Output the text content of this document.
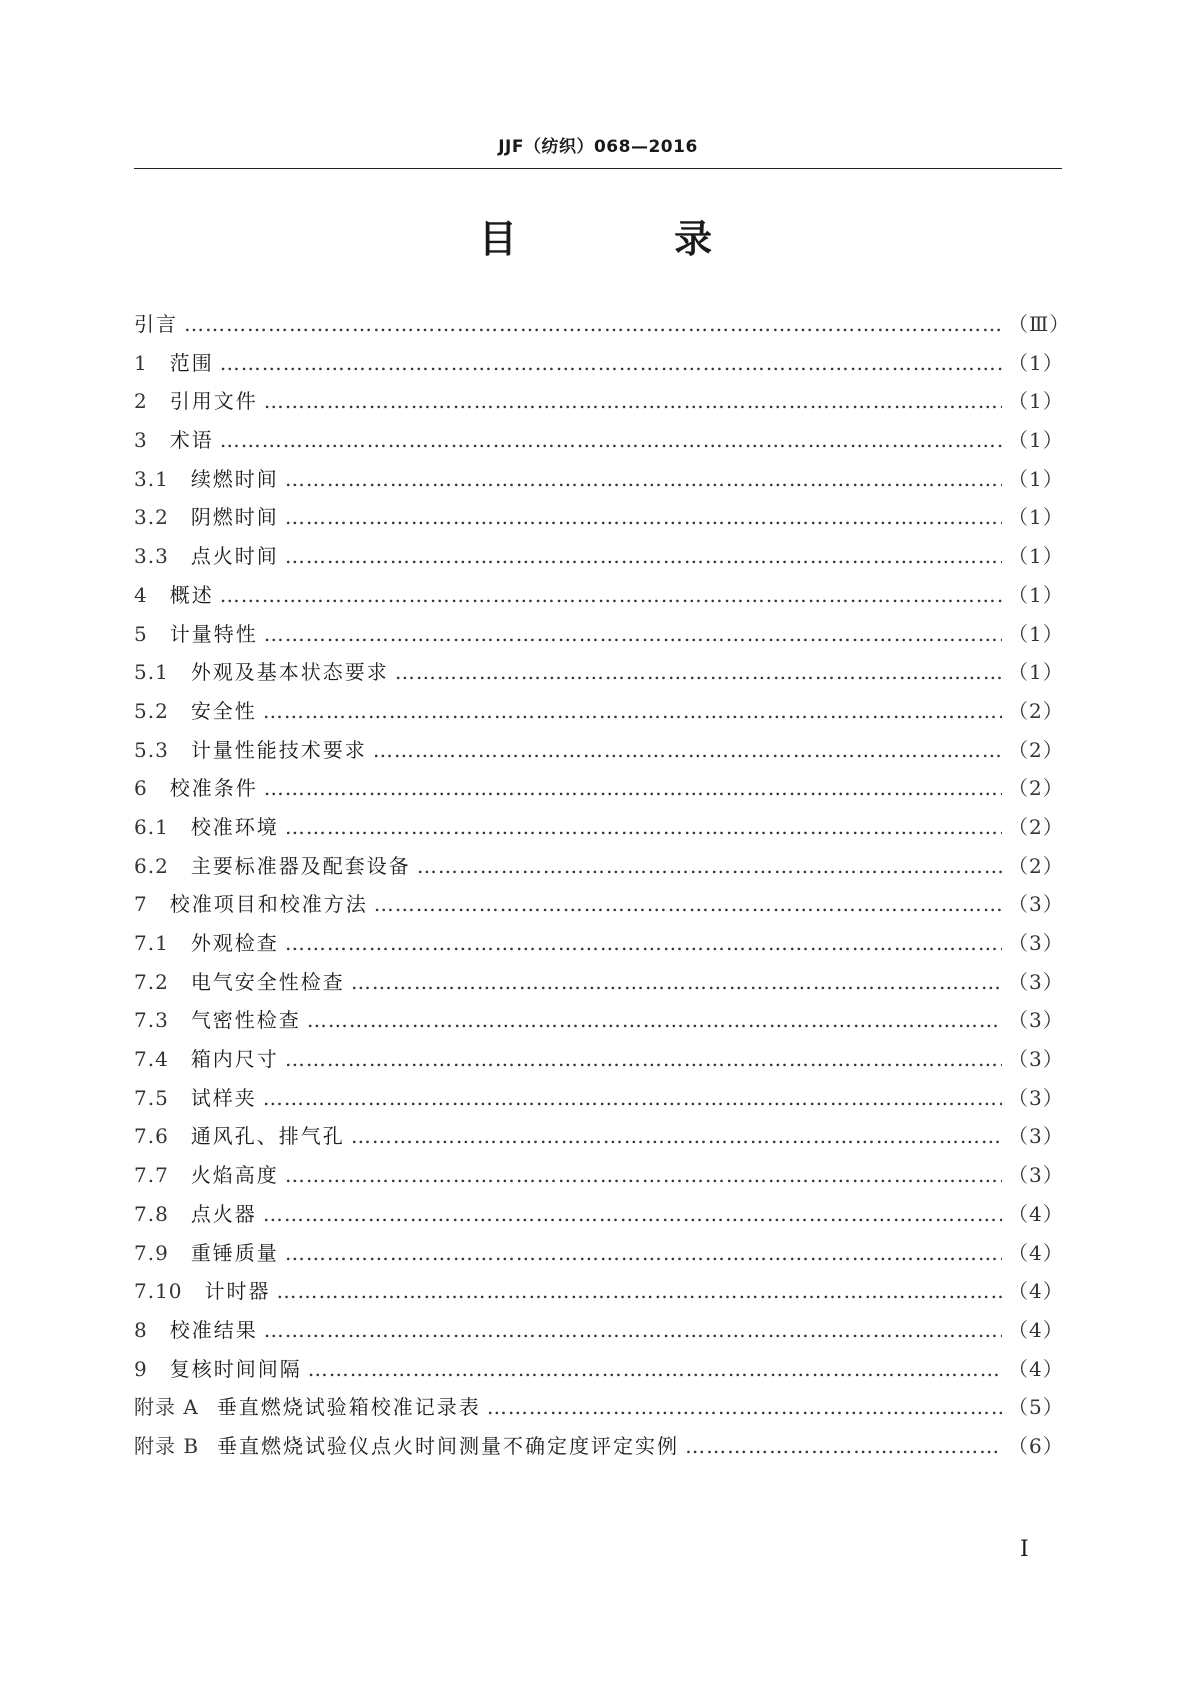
JJF（纺织）068—2016
目 录
引言 …………………………………………………………………………………………………………………………………………………………………………………………………………………………	（Ⅲ）
1 范围 …………………………………………………………………………………………………………………………………………………………………………………………………………………………	（1）
2 引用文件 …………………………………………………………………………………………………………………………………………………………………………………………………………………………	（1）
3 术语 …………………………………………………………………………………………………………………………………………………………………………………………………………………………	（1）
3.1 续燃时间 …………………………………………………………………………………………………………………………………………………………………………………………………………………………	（1）
3.2 阴燃时间 …………………………………………………………………………………………………………………………………………………………………………………………………………………………	（1）
3.3 点火时间 …………………………………………………………………………………………………………………………………………………………………………………………………………………………	（1）
4 概述 …………………………………………………………………………………………………………………………………………………………………………………………………………………………	（1）
5 计量特性 …………………………………………………………………………………………………………………………………………………………………………………………………………………………	（1）
5.1 外观及基本状态要求 …………………………………………………………………………………………………………………………………………………………………………………………………………………………	（1）
5.2 安全性 …………………………………………………………………………………………………………………………………………………………………………………………………………………………	（2）
5.3 计量性能技术要求 …………………………………………………………………………………………………………………………………………………………………………………………………………………………	（2）
6 校准条件 …………………………………………………………………………………………………………………………………………………………………………………………………………………………	（2）
6.1 校准环境 …………………………………………………………………………………………………………………………………………………………………………………………………………………………	（2）
6.2 主要标准器及配套设备 …………………………………………………………………………………………………………………………………………………………………………………………………………………………	（2）
7 校准项目和校准方法 …………………………………………………………………………………………………………………………………………………………………………………………………………………………	（3）
7.1 外观检查 …………………………………………………………………………………………………………………………………………………………………………………………………………………………	（3）
7.2 电气安全性检查 …………………………………………………………………………………………………………………………………………………………………………………………………………………………	（3）
7.3 气密性检查 …………………………………………………………………………………………………………………………………………………………………………………………………………………………	（3）
7.4 箱内尺寸 …………………………………………………………………………………………………………………………………………………………………………………………………………………………	（3）
7.5 试样夹 …………………………………………………………………………………………………………………………………………………………………………………………………………………………	（3）
7.6 通风孔、排气孔 …………………………………………………………………………………………………………………………………………………………………………………………………………………………	（3）
7.7 火焰高度 …………………………………………………………………………………………………………………………………………………………………………………………………………………………	（3）
7.8 点火器 …………………………………………………………………………………………………………………………………………………………………………………………………………………………	（4）
7.9 重锤质量 …………………………………………………………………………………………………………………………………………………………………………………………………………………………	（4）
7.10 计时器 …………………………………………………………………………………………………………………………………………………………………………………………………………………………	（4）
8 校准结果 …………………………………………………………………………………………………………………………………………………………………………………………………………………………	（4）
9 复核时间间隔 …………………………………………………………………………………………………………………………………………………………………………………………………………………………	（4）
附录 A 垂直燃烧试验箱校准记录表 …………………………………………………………………………………………………………………………………………………………………………………………………………………………	（5）
附录 B 垂直燃烧试验仪点火时间测量不确定度评定实例 …………………………………………………………………………………………………………………………………………………………………………………………………………………………	（6）
Ⅰ
